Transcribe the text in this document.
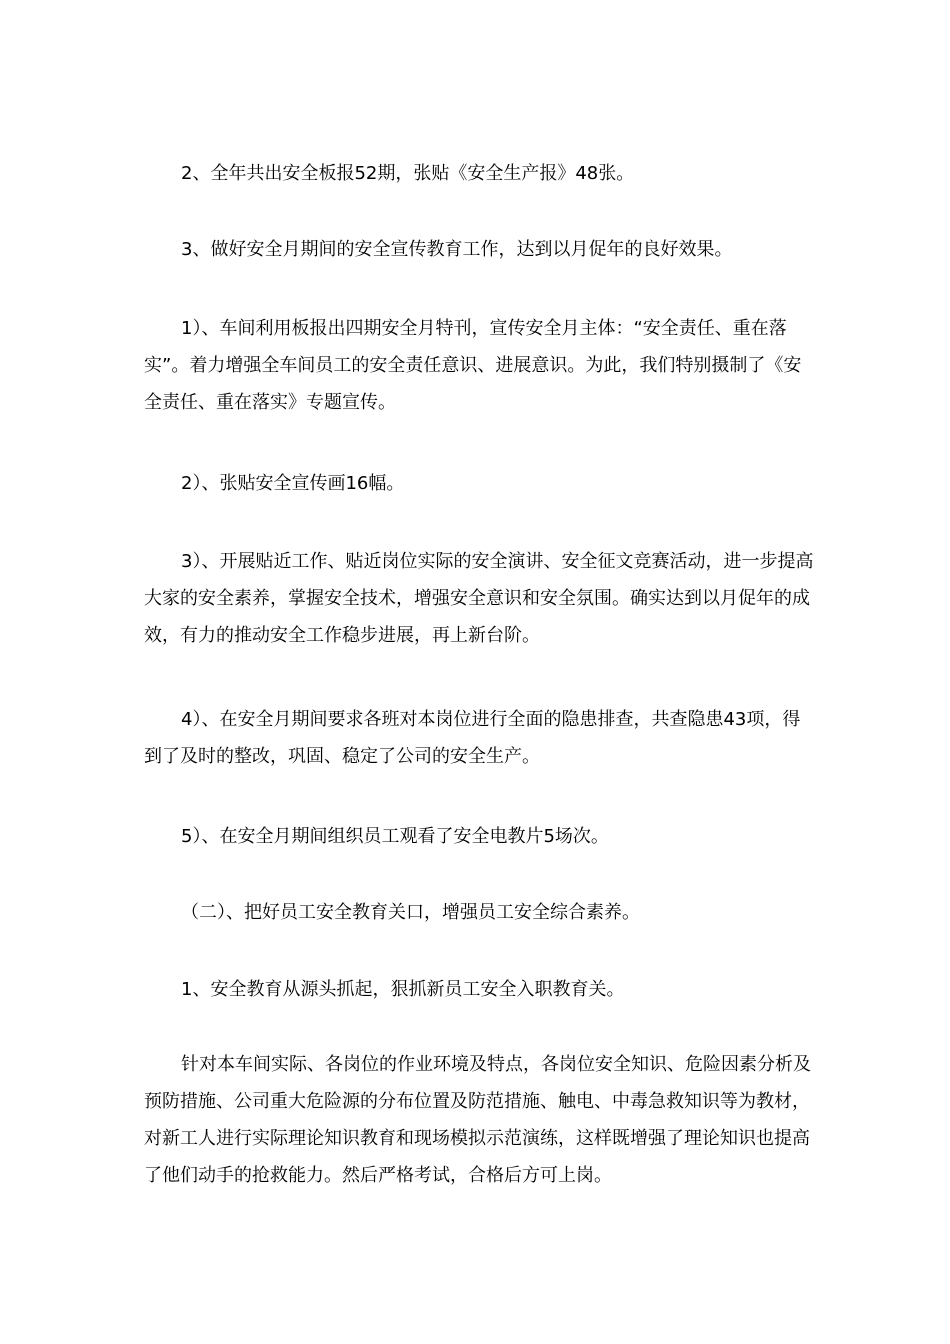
2、全年共出安全板报52期，张贴《安全生产报》48张。

3、做好安全月期间的安全宣传教育工作，达到以月促年的良好效果。

1）、车间利用板报出四期安全月特刊，宣传安全月主体：“安全责任、重在落实”。着力增强全车间员工的安全责任意识、进展意识。为此，我们特别摄制了《安全责任、重在落实》专题宣传。

2）、张贴安全宣传画16幅。

3）、开展贴近工作、贴近岗位实际的安全演讲、安全征文竞赛活动，进一步提高大家的安全素养，掌握安全技术，增强安全意识和安全氛围。确实达到以月促年的成效，有力的推动安全工作稳步进展，再上新台阶。

4）、在安全月期间要求各班对本岗位进行全面的隐患排查，共查隐患43项，得到了及时的整改，巩固、稳定了公司的安全生产。

5）、在安全月期间组织员工观看了安全电教片5场次。

（二）、把好员工安全教育关口，增强员工安全综合素养。

1、安全教育从源头抓起，狠抓新员工安全入职教育关。

针对本车间实际、各岗位的作业环境及特点，各岗位安全知识、危险因素分析及预防措施、公司重大危险源的分布位置及防范措施、触电、中毒急救知识等为教材，对新工人进行实际理论知识教育和现场模拟示范演练，这样既增强了理论知识也提高了他们动手的抢救能力。然后严格考试，合格后方可上岗。
